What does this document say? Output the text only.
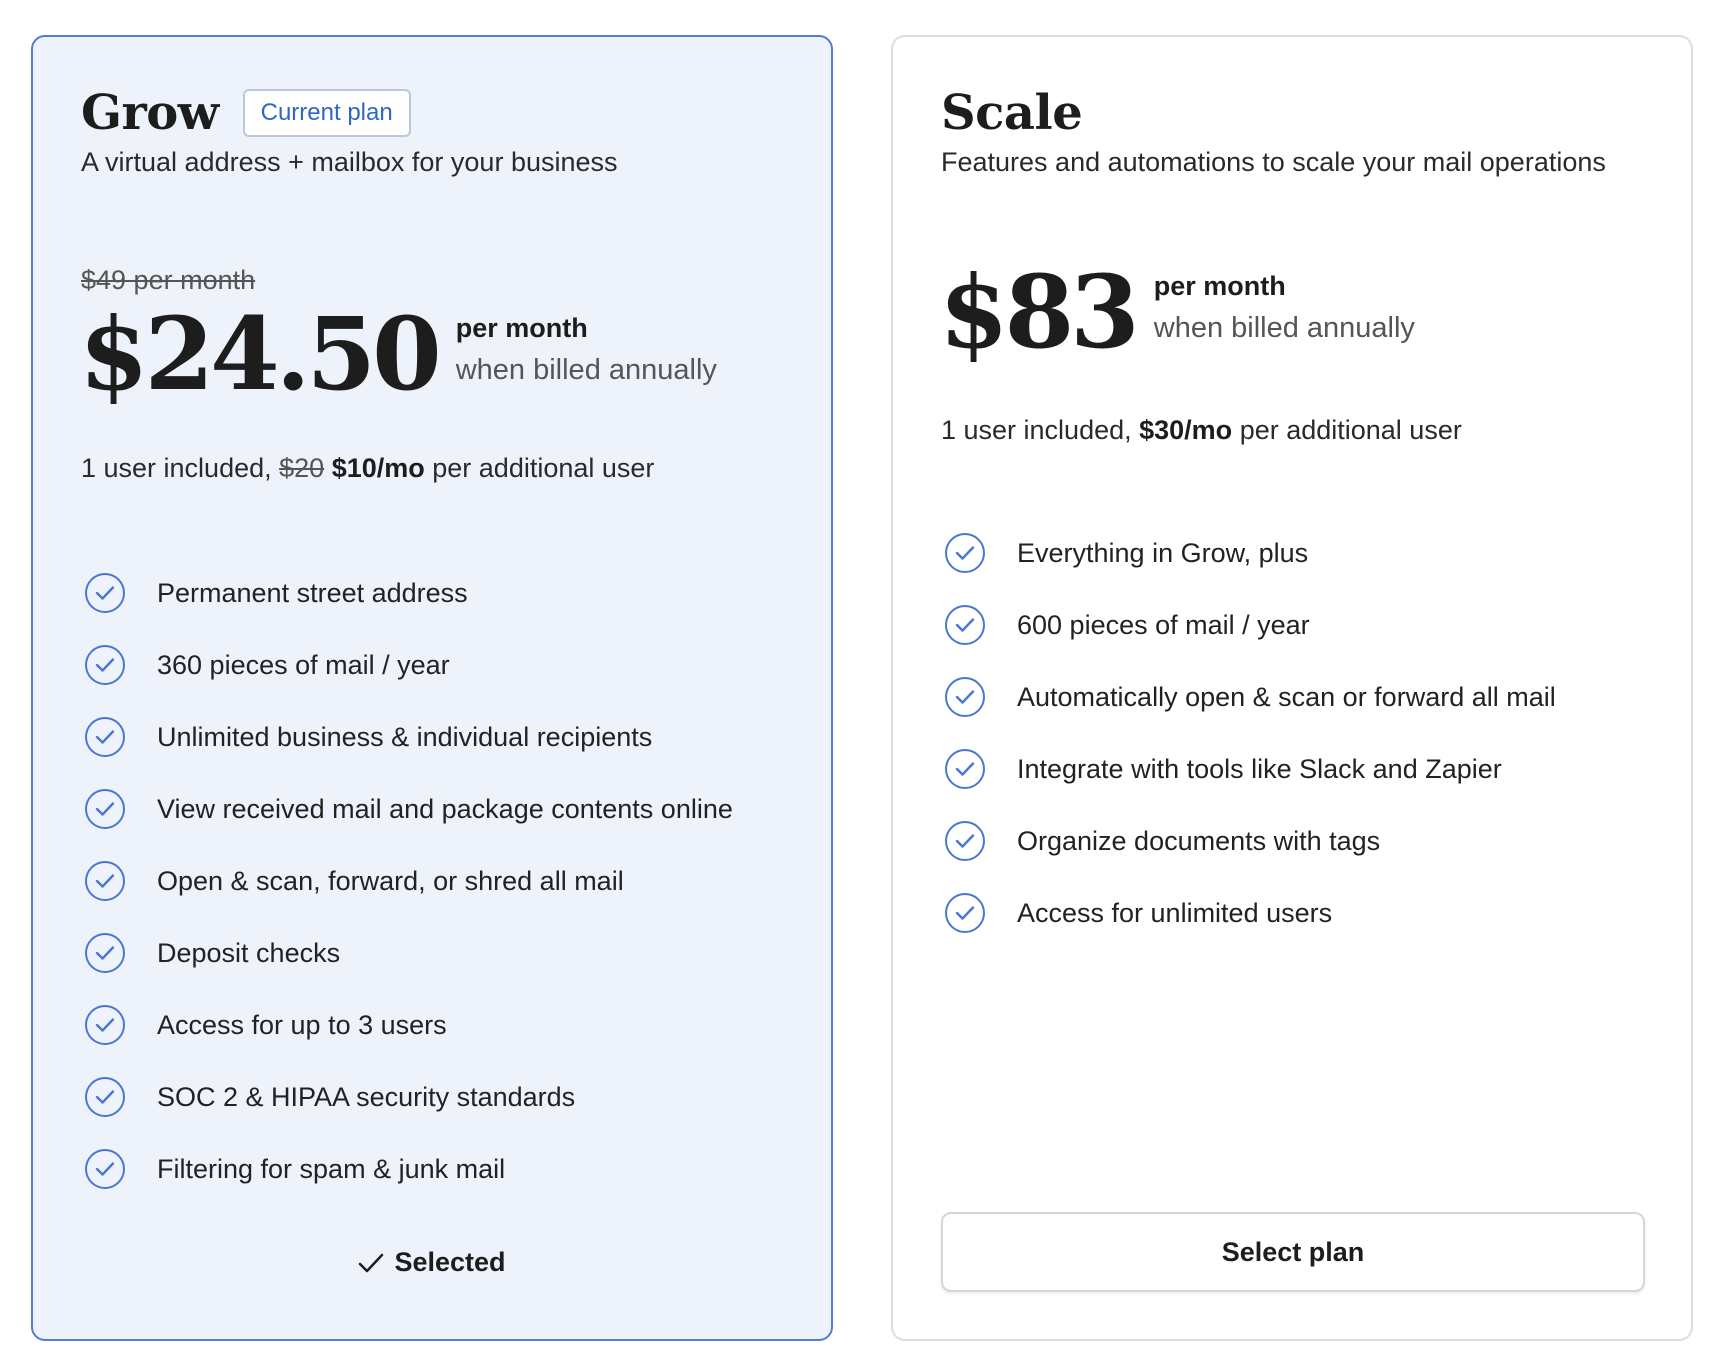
Grow	Current plan
A virtual address + mailbox for your business
$49 per month
$24.50 per month
when billed annually
1 user included, $20 $10/mo per additional user
Permanent street address
360 pieces of mail / year
Unlimited business & individual recipients
View received mail and package contents online
Open & scan, forward, or shred all mail
Deposit checks
Access for up to 3 users
SOC 2 & HIPAA security standards
Filtering for spam & junk mail
Selected
Scale
Features and automations to scale your mail operations
$83 per month
when billed annually
1 user included, $30/mo per additional user
Everything in Grow, plus
600 pieces of mail / year
Automatically open & scan or forward all mail
Integrate with tools like Slack and Zapier
Organize documents with tags
Access for unlimited users
Select plan
